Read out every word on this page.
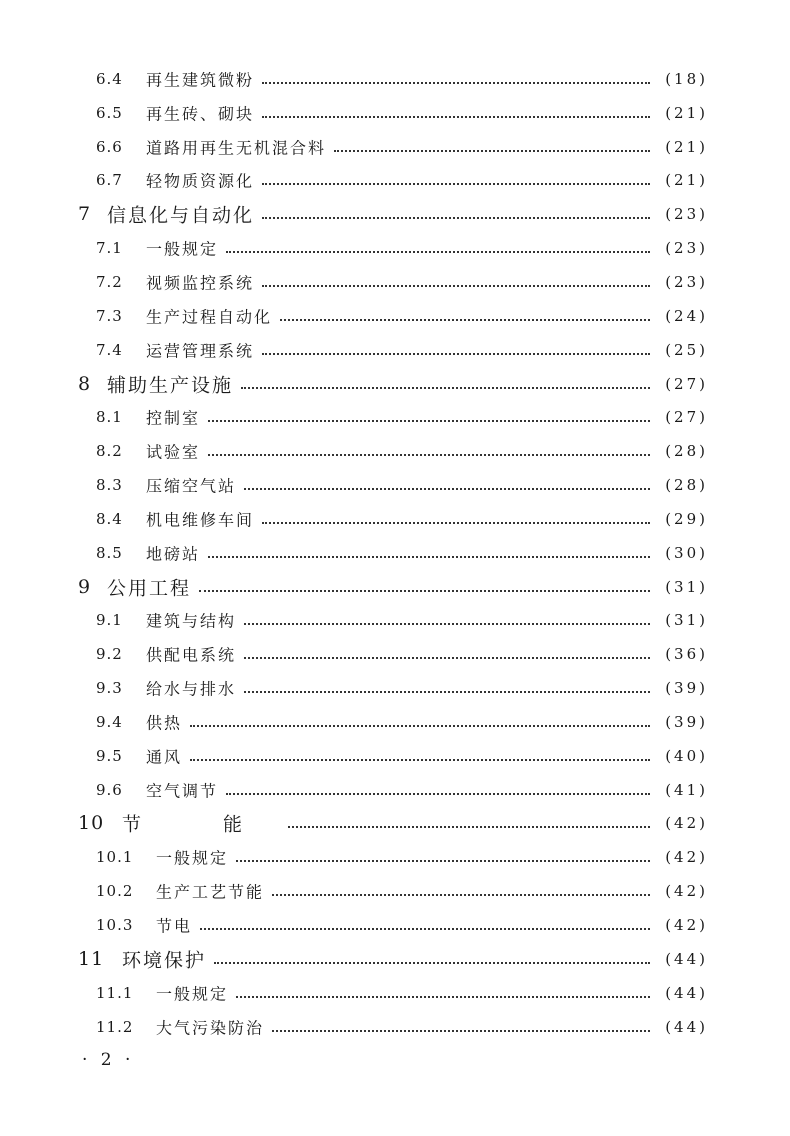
6.4 再生建筑微粉	(18)
6.5 再生砖、砌块	(21)
6.6 道路用再生无机混合料	(21)
6.7 轻物质资源化	(21)
7 信息化与自动化	(23)
7.1 一般规定	(23)
7.2 视频监控系统	(23)
7.3 生产过程自动化	(24)
7.4 运营管理系统	(25)
8 辅助生产设施	(27)
8.1 控制室	(27)
8.2 试验室	(28)
8.3 压缩空气站	(28)
8.4 机电维修车间	(29)
8.5 地磅站	(30)
9 公用工程	(31)
9.1 建筑与结构	(31)
9.2 供配电系统	(36)
9.3 给水与排水	(39)
9.4 供热	(39)
9.5 通风	(40)
9.6 空气调节	(41)
10 节 能	(42)
10.1 一般规定	(42)
10.2 生产工艺节能	(42)
10.3 节电	(42)
11 环境保护	(44)
11.1 一般规定	(44)
11.2 大气污染防治	(44)
· 2 ·
